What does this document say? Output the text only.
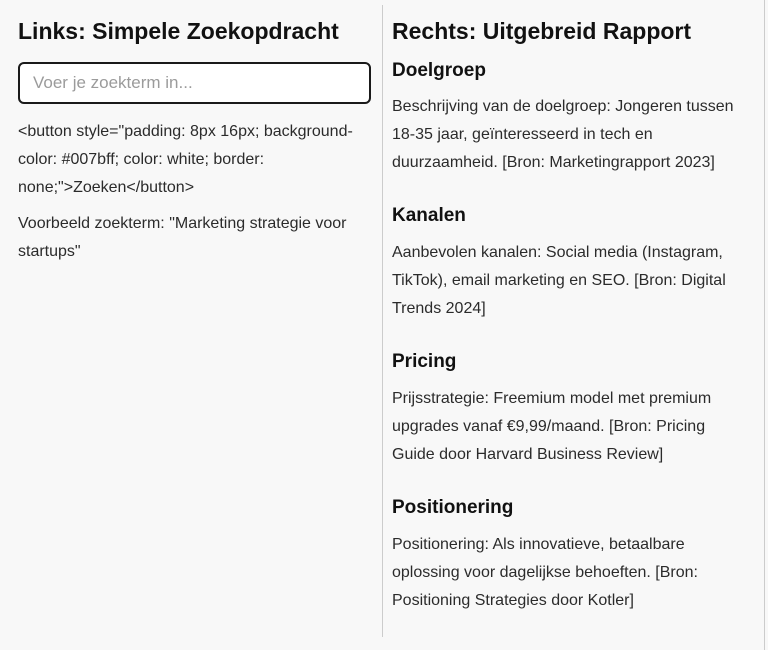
Links: Simpele Zoekopdracht
Voer je zoekterm in...

<button style="padding: 8px 16px; background-color: #007bff; color: white; border: none;">Zoeken</button>

Voorbeeld zoekterm: "Marketing strategie voor startups"

Rechts: Uitgebreid Rapport
Doelgroep

Beschrijving van de doelgroep: Jongeren tussen 18-35 jaar, geïnteresseerd in tech en duurzaamheid. [Bron: Marketingrapport 2023]

Kanalen

Aanbevolen kanalen: Social media (Instagram, TikTok), email marketing en SEO. [Bron: Digital Trends 2024]

Pricing

Prijsstrategie: Freemium model met premium upgrades vanaf €9,99/maand. [Bron: Pricing Guide door Harvard Business Review]

Positionering

Positionering: Als innovatieve, betaalbare oplossing voor dagelijkse behoeften. [Bron: Positioning Strategies door Kotler]
